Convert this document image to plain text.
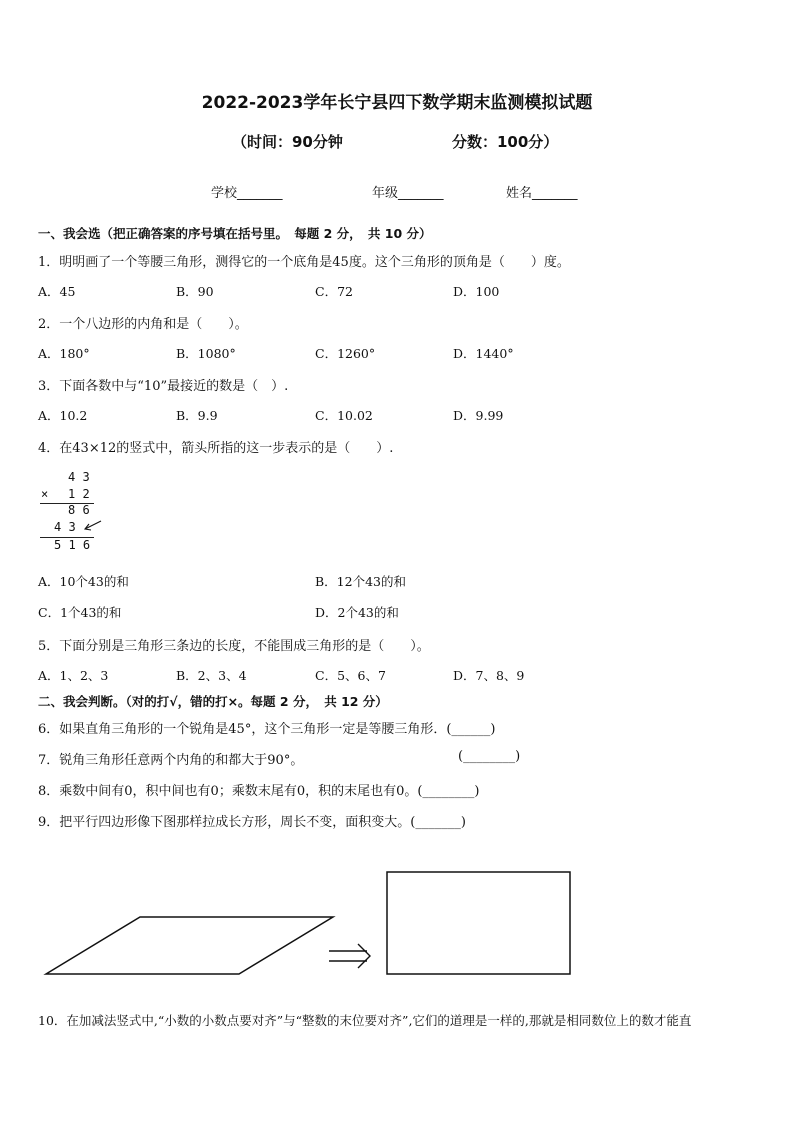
2022-2023学年长宁县四下数学期末监测模拟试题
（时间：90分钟	分数：100分）
学校_______	年级_______	姓名_______
一、我会选（把正确答案的序号填在括号里。　每题 2 分，　共 10 分）
1．明明画了一个等腰三角形，测得它的一个底角是45度。这个三角形的顶角是（　　）度。
A．45	B．90	C．72	D．100
2．一个八边形的内角和是（　　）。
A．180°	B．1080°	C．1260°	D．1440°
3．下面各数中与“10”最接近的数是（　）.
A．10.2	B．9.9	C．10.02	D．9.99
4．在43×12的竖式中，箭头所指的这一步表示的是（　　）.
4 3
× 1 2
8 6
4 3
5 1 6
A．10个43的和	B．12个43的和
C．1个43的和	D．2个43的和
5．下面分别是三角形三条边的长度，不能围成三角形的是（　　）。
A．1、2、3	B．2、3、4	C．5、6、7	D．7、8、9
二、我会判断。（对的打√，错的打×。每题 2 分，　共 12 分）
6．如果直角三角形的一个锐角是45°，这个三角形一定是等腰三角形．(______)
7．锐角三角形任意两个内角的和都大于90°。	(________)
8．乘数中间有0，积中间也有0；乘数末尾有0，积的末尾也有0。(________)
9．把平行四边形像下图那样拉成长方形，周长不变，面积变大。(_______)
10．在加减法竖式中,“小数的小数点要对齐”与“整数的末位要对齐”,它们的道理是一样的,那就是相同数位上的数才能直
